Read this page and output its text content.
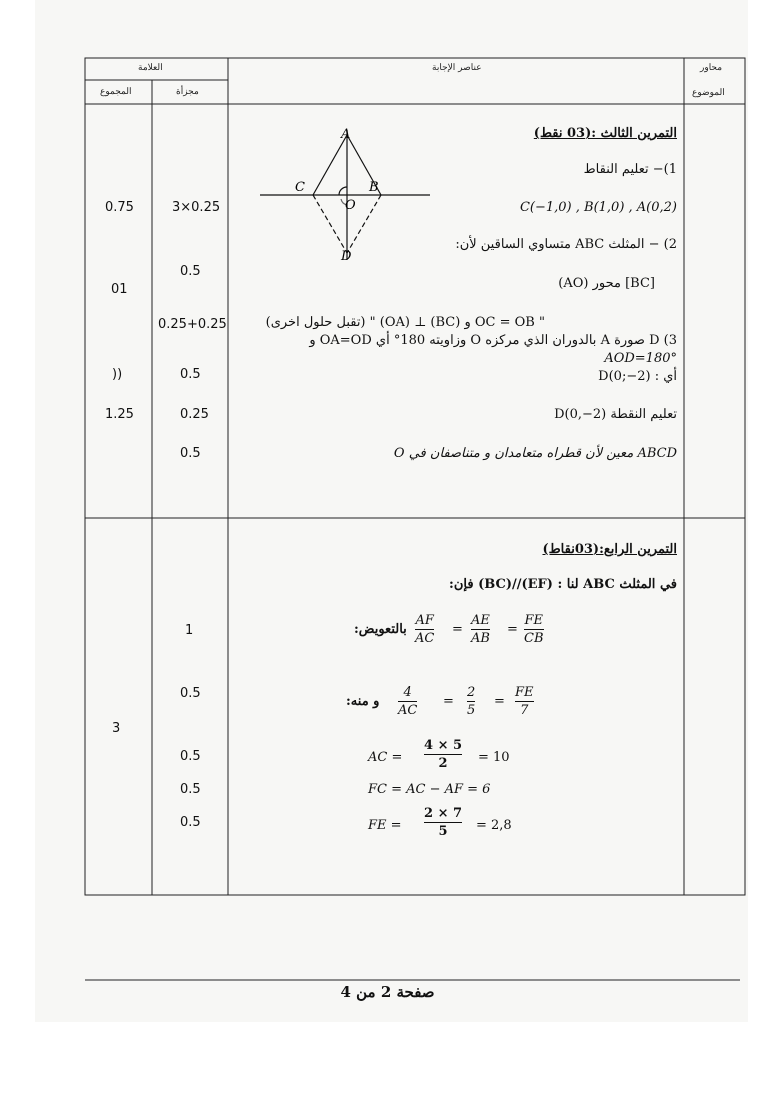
العلامة
المجموع	مجزأة
عناصر الإجابة	محاور
الموضوع
التمرين الثالث :(03 نقط)
1)− تعليم النقاط
C(−1,0) , B(1,0) , A(0,2)
2) − المثلث ABC متساوي الساقين لأن:
[BC] محور (AO)
" OC = OB و (BC) ⊥ (OA) " (تقبل حلول اخرى)
3) D صورة A بالدوران الذي مركزه O وزاويته 180° أي OA=OD و
AOD=180°
أي : D(0;−2)
تعليم النقطة D(0,−2)
ABCD معين لأن قطراه متعامدان و متناصفان في O
A
B
C
O
D
3×0.25
0.5
0.25+0.25
0.5
0.25
0.5
0.75
01
))
1.25
التمرين الرابع:(03نقاط)
في المثلث ABC لنا : (EF)//(BC) فإن:
بالتعويض:
AF
AC
=
AE
AB
=
FE
CB
و منه:
4
AC
=
2
5
=
FE
7
AC =
4 × 5
2 = 10
FC = AC − AF = 6
FE =
2 × 7
5 = 2,8
1
0.5
0.5
0.5
0.5
3
صفحة 2 من 4
